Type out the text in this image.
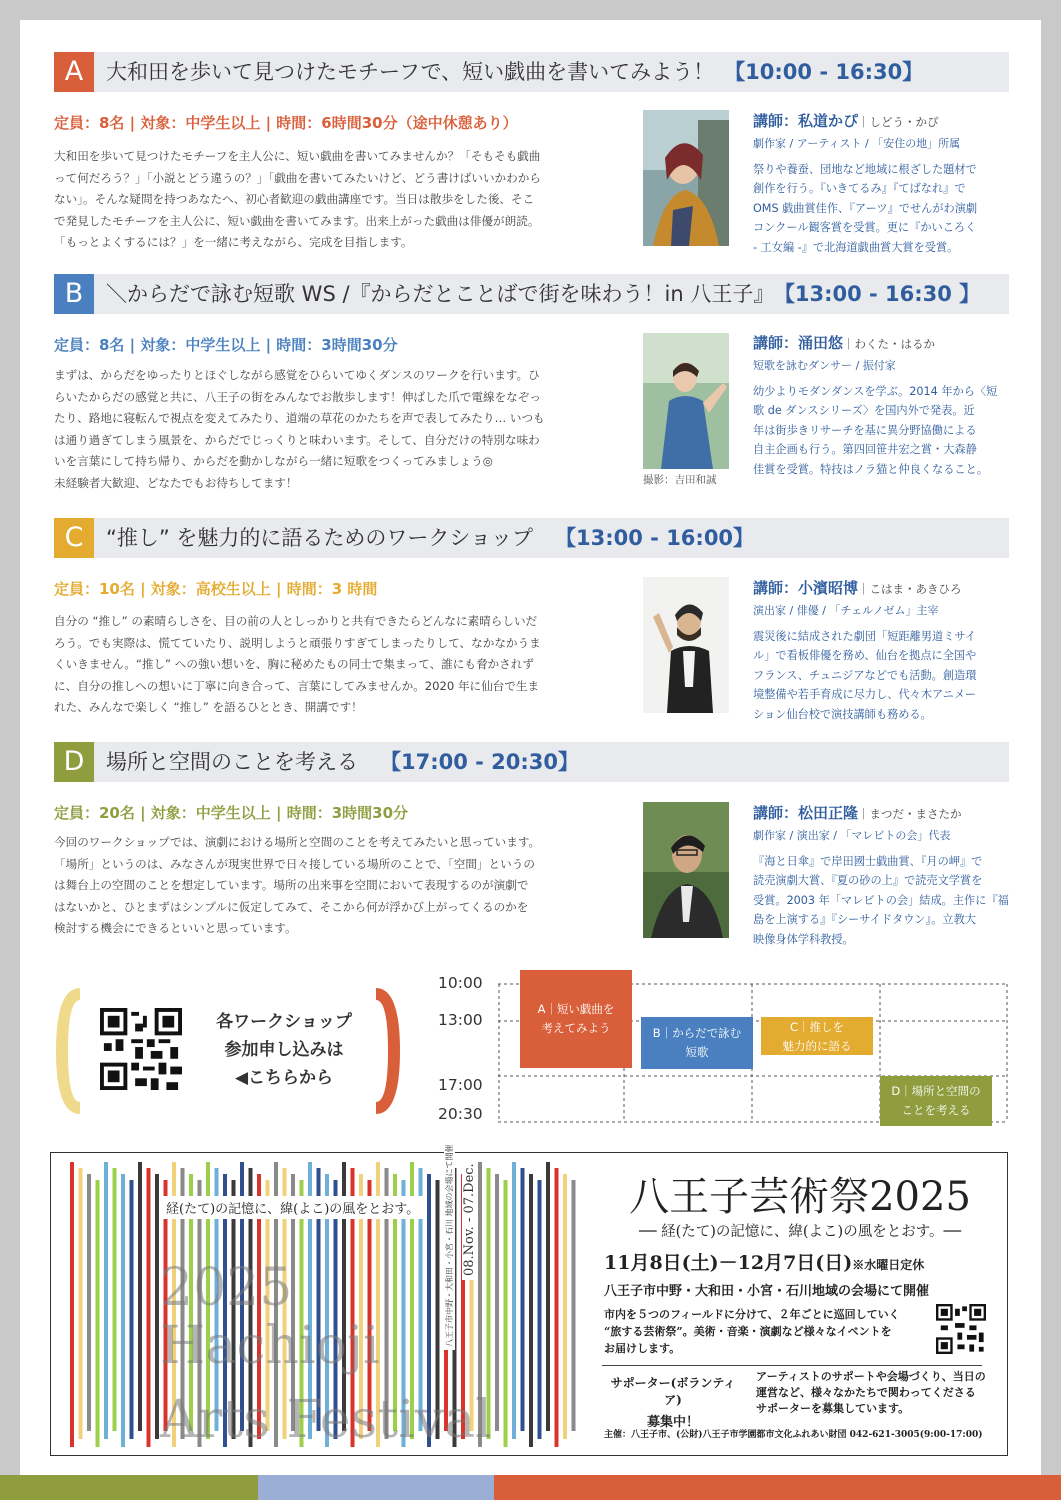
A	大和田を歩いて見つけたモチーフで、短い戯曲を書いてみよう！ 【10:00 - 16:30】
定員：8名 | 対象：中学生以上 | 時間：6時間30分（途中休憩あり）
大和田を歩いて見つけたモチーフを主人公に、短い戯曲を書いてみませんか？「そもそも戯曲
って何だろう？」「小説とどう違うの？」「戯曲を書いてみたいけど、どう書けばいいかわから
ない」。そんな疑問を持つあなたへ、初心者歓迎の戯曲講座です。当日は散歩をした後、そこ
で発見したモチーフを主人公に、短い戯曲を書いてみます。出来上がった戯曲は俳優が朗読。
「もっとよくするには？」を一緒に考えながら、完成を目指します。
講師：私道かぴ｜しどう・かぴ
劇作家 / アーティスト / 「安住の地」所属
祭りや養蚕、団地など地域に根ざした題材で
創作を行う。『いきてるみ』『てばなれ』で
OMS 戯曲賞佳作、『アーツ』でせんがわ演劇
コンクール観客賞を受賞。更に『かいころく
- 工女編 -』で北海道戯曲賞大賞を受賞。
B	＼からだで詠む短歌 WS /『からだとことばで街を味わう！in 八王子』 【13:00 - 16:30 】
定員：8名 | 対象：中学生以上 | 時間：3時間30分
まずは、からだをゆったりとほぐしながら感覚をひらいてゆくダンスのワークを行います。ひ
らいたからだの感覚と共に、八王子の街をみんなでお散歩します！伸ばした爪で電線をなぞっ
たり、路地に寝転んで視点を変えてみたり、道端の草花のかたちを声で表してみたり… いつも
は通り過ぎてしまう風景を、からだでじっくりと味わいます。そして、自分だけの特別な味わ
いを言葉にして持ち帰り、からだを動かしながら一緒に短歌をつくってみましょう◎
未経験者大歓迎、どなたでもお待ちしてます！	撮影：吉田和誠
講師：涌田悠｜わくた・はるか
短歌を詠むダンサー / 振付家
幼少よりモダンダンスを学ぶ。2014 年から〈短
歌 de ダンスシリーズ〉を国内外で発表。近
年は街歩きリサーチを基に異分野協働による
自主企画も行う。第四回笹井宏之賞・大森静
佳賞を受賞。特技はノラ猫と仲良くなること。
C	“推し” を魅力的に語るためのワークショップ 【13:00 - 16:00】
定員：10名 | 対象：高校生以上 | 時間：3 時間
自分の “推し” の素晴らしさを、目の前の人としっかりと共有できたらどんなに素晴らしいだ
ろう。でも実際は、慌てていたり、説明しようと頑張りすぎてしまったりして、なかなかうま
くいきません。“推し” への強い想いを、胸に秘めたもの同士で集まって、誰にも脅かされず
に、自分の推しへの想いに丁寧に向き合って、言葉にしてみませんか。2020 年に仙台で生ま
れた、みんなで楽しく “推し” を語るひととき、開講です！
講師：小濱昭博｜こはま・あきひろ
演出家 / 俳優 / 「チェルノゼム」主宰
震災後に結成された劇団「短距離男道ミサイ
ル」で看板俳優を務め、仙台を拠点に全国や
フランス、チュニジアなどでも活動。創造環
境整備や若手育成に尽力し、代々木アニメー
ション仙台校で演技講師も務める。
D	場所と空間のことを考える 【17:00 - 20:30】
定員：20名 | 対象：中学生以上 | 時間：3時間30分
今回のワークショップでは、演劇における場所と空間のことを考えてみたいと思っています。
「場所」というのは、みなさんが現実世界で日々接している場所のことで、「空間」というの
は舞台上の空間のことを想定しています。場所の出来事を空間において表現するのが演劇で
はないかと、ひとまずはシンプルに仮定してみて、そこから何が浮かび上がってくるのかを
検討する機会にできるといいと思っています。
講師：松田正隆｜まつだ・まさたか
劇作家 / 演出家 / 「マレビトの会」代表
『海と日傘』で岸田國士戯曲賞、『月の岬』で
読売演劇大賞、『夏の砂の上』で読売文学賞を
受賞。2003 年「マレビトの会」結成。主作に『福
島を上演する』『シーサイドタウン』。立教大
映像身体学科教授。
各ワークショップ
参加申し込みは
◀こちらから
10:00
13:00
17:00
20:30
A｜短い戯曲を
考えてみよう	B｜からだで詠む
短歌
C｜推しを
魅力的に語る
D｜場所と空間の
ことを考える
経(たて)の記憶に、緯(よこ)の風をとおす。
2025
Hachioji
Arts Festival
08.Nov. - 07.Dec.
八王子市中野・大和田・小宮・石川 地域の会場にて開催	八王子芸術祭2025
── 経(たて)の記憶に、緯(よこ)の風をとおす。──
11月8日(土)－12月7日(日)※水曜日定休
八王子市中野・大和田・小宮・石川地域の会場にて開催
市内を５つのフィールドに分けて、２年ごとに巡回していく
“旅する芸術祭”。美術・音楽・演劇など様々なイベントを
お届けします。
サポーター(ボランティア)
募集中！
アーティストのサポートや会場づくり、当日の
運営など、様々なかたちで関わってくださる
サポーターを募集しています。
主催：八王子市、(公財)八王子市学園都市文化ふれあい財団 042-621-3005(9:00-17:00)
